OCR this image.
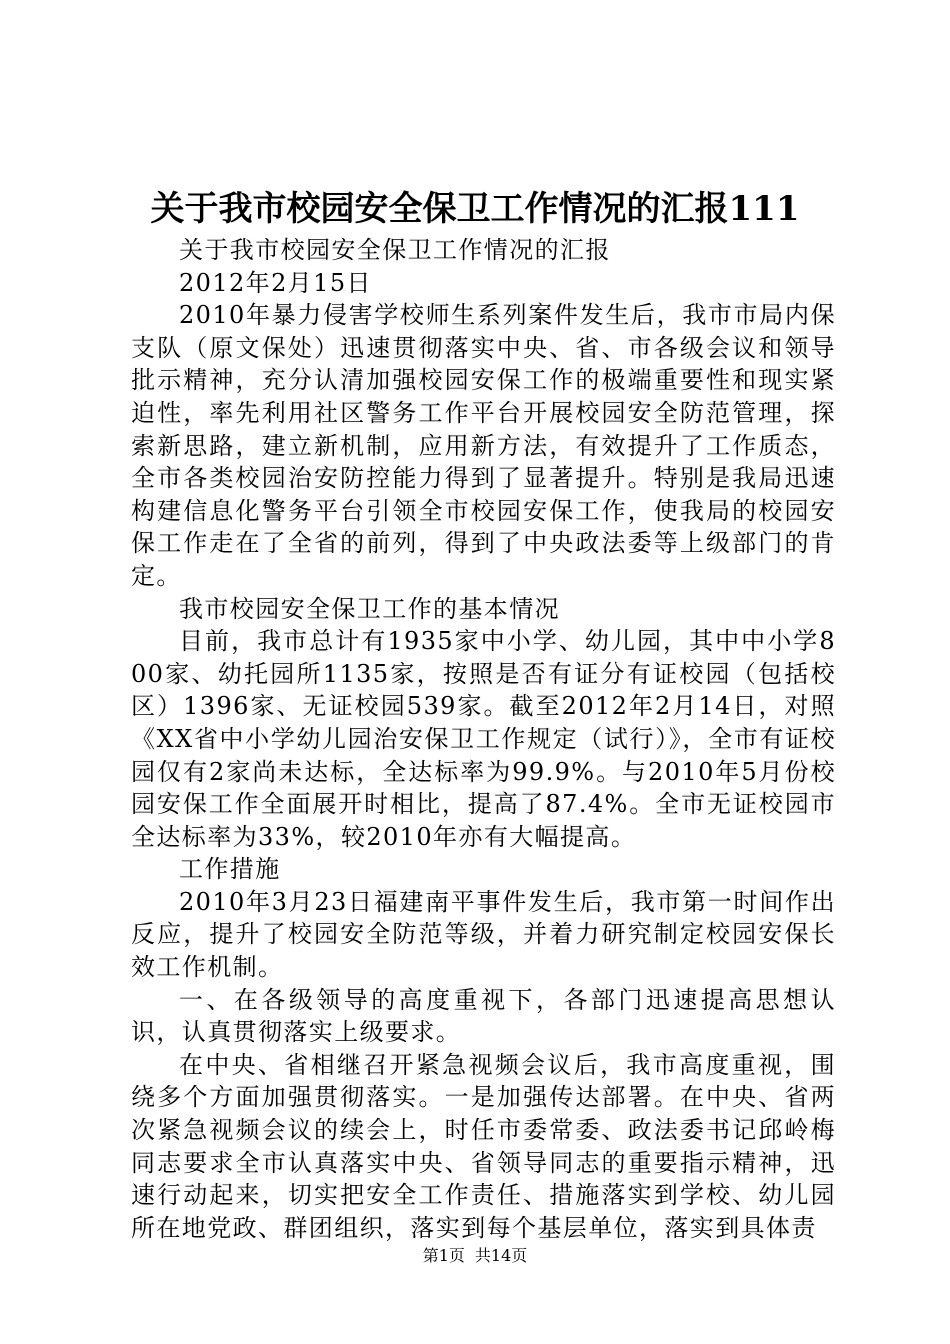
关于我市校园安全保卫工作情况的汇报111

关于我市校园安全保卫工作情况的汇报

2012年2月15日

2010年暴力侵害学校师生系列案件发生后，我市市局内保支队（原文保处）迅速贯彻落实中央、省、市各级会议和领导批示精神，充分认清加强校园安保工作的极端重要性和现实紧迫性，率先利用社区警务工作平台开展校园安全防范管理，探索新思路，建立新机制，应用新方法，有效提升了工作质态，全市各类校园治安防控能力得到了显著提升。特别是我局迅速构建信息化警务平台引领全市校园安保工作，使我局的校园安保工作走在了全省的前列，得到了中央政法委等上级部门的肯定。

我市校园安全保卫工作的基本情况

目前，我市总计有1935家中小学、幼儿园，其中中小学800家、幼托园所1135家，按照是否有证分有证校园（包括校区）1396家、无证校园539家。截至2012年2月14日，对照《XX省中小学幼儿园治安保卫工作规定（试行）》，全市有证校园仅有2家尚未达标，全达标率为99.9%。与2010年5月份校园安保工作全面展开时相比，提高了87.4%。全市无证校园市全达标率为33%，较2010年亦有大幅提高。

工作措施

2010年3月23日福建南平事件发生后，我市第一时间作出反应，提升了校园安全防范等级，并着力研究制定校园安保长效工作机制。

一、在各级领导的高度重视下，各部门迅速提高思想认识，认真贯彻落实上级要求。

在中央、省相继召开紧急视频会议后，我市高度重视，围绕多个方面加强贯彻落实。一是加强传达部署。在中央、省两次紧急视频会议的续会上，时任市委常委、政法委书记邱岭梅同志要求全市认真落实中央、省领导同志的重要指示精神，迅速行动起来，切实把安全工作责任、措施落实到学校、幼儿园所在地党政、群团组织，落实到每个基层单位，落实到具体责

第1页 共14页
